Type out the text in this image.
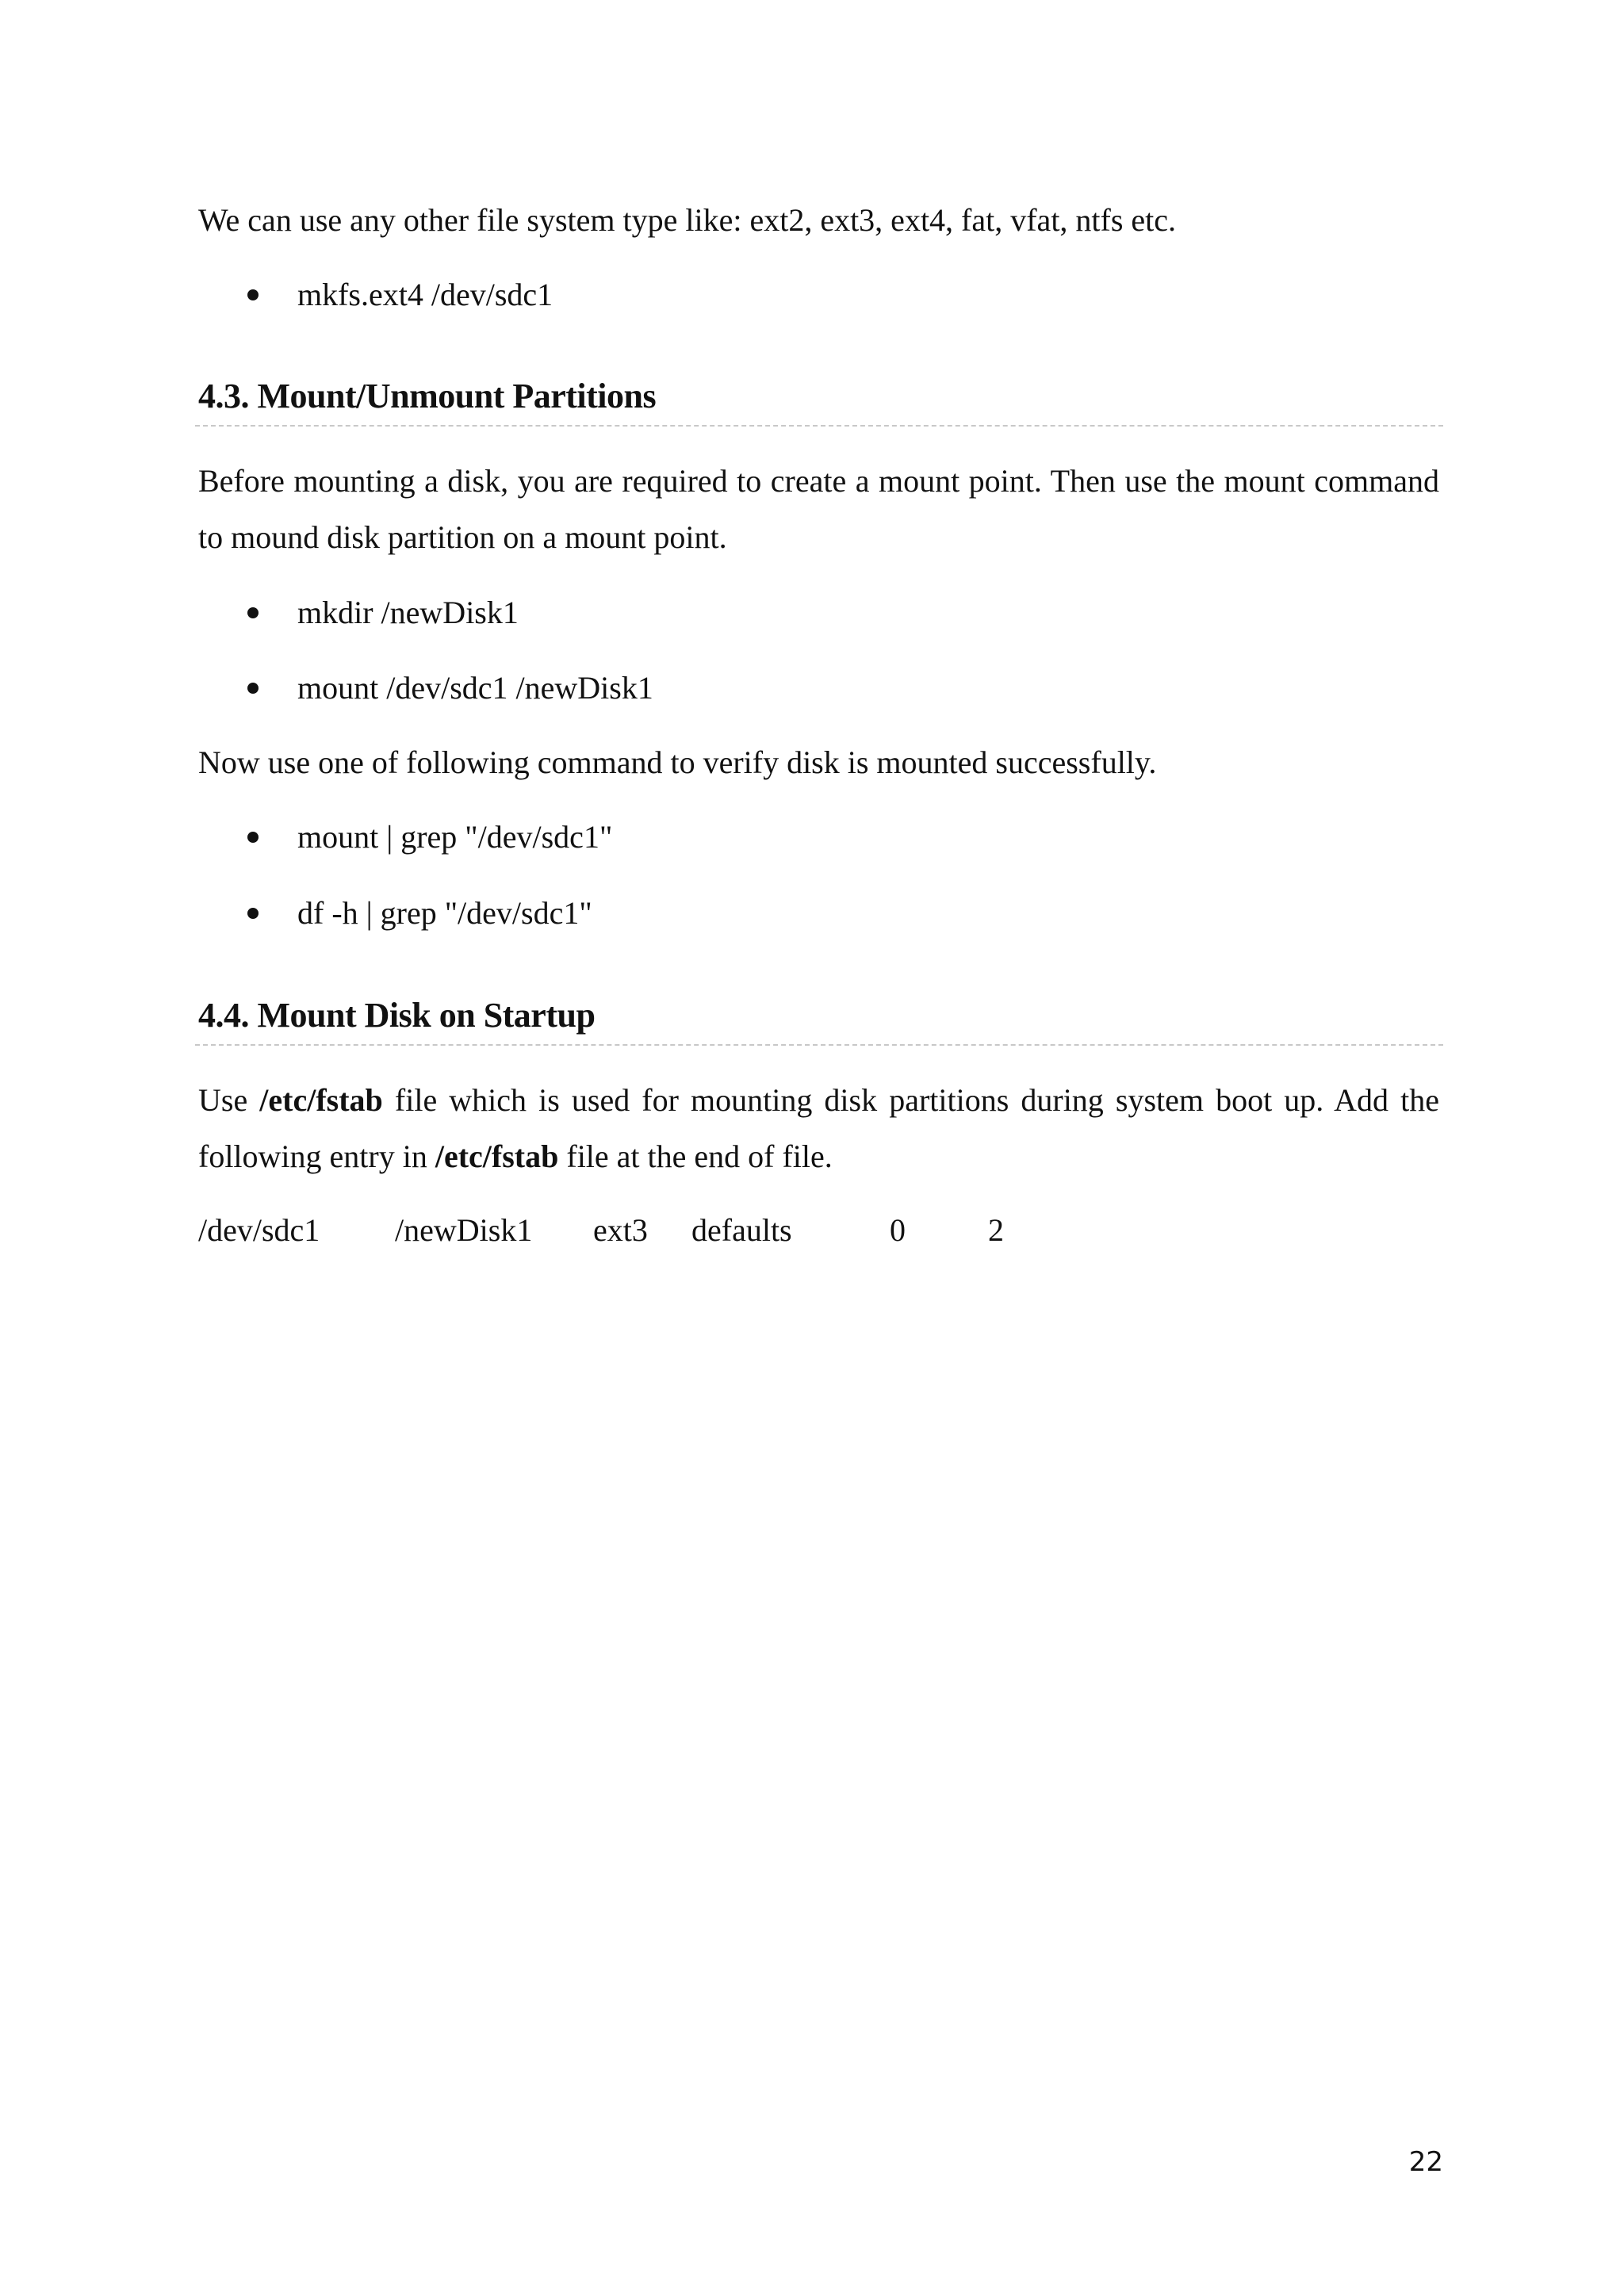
We can use any other file system type like: ext2, ext3, ext4, fat, vfat, ntfs etc.

mkfs.ext4 /dev/sdc1
4.3. Mount/Unmount Partitions

Before mounting a disk, you are required to create a mount point. Then use the mount command to mound disk partition on a mount point.

mkdir /newDisk1
mount /dev/sdc1 /newDisk1

Now use one of following command to verify disk is mounted successfully.

mount | grep "/dev/sdc1"
df -h | grep "/dev/sdc1"
4.4. Mount Disk on Startup

Use /etc/fstab file which is used for mounting disk partitions during system boot up. Add the following entry in /etc/fstab file at the end of file.

/dev/sdc1 /newDisk1 ext3 defaults	0	2
22
